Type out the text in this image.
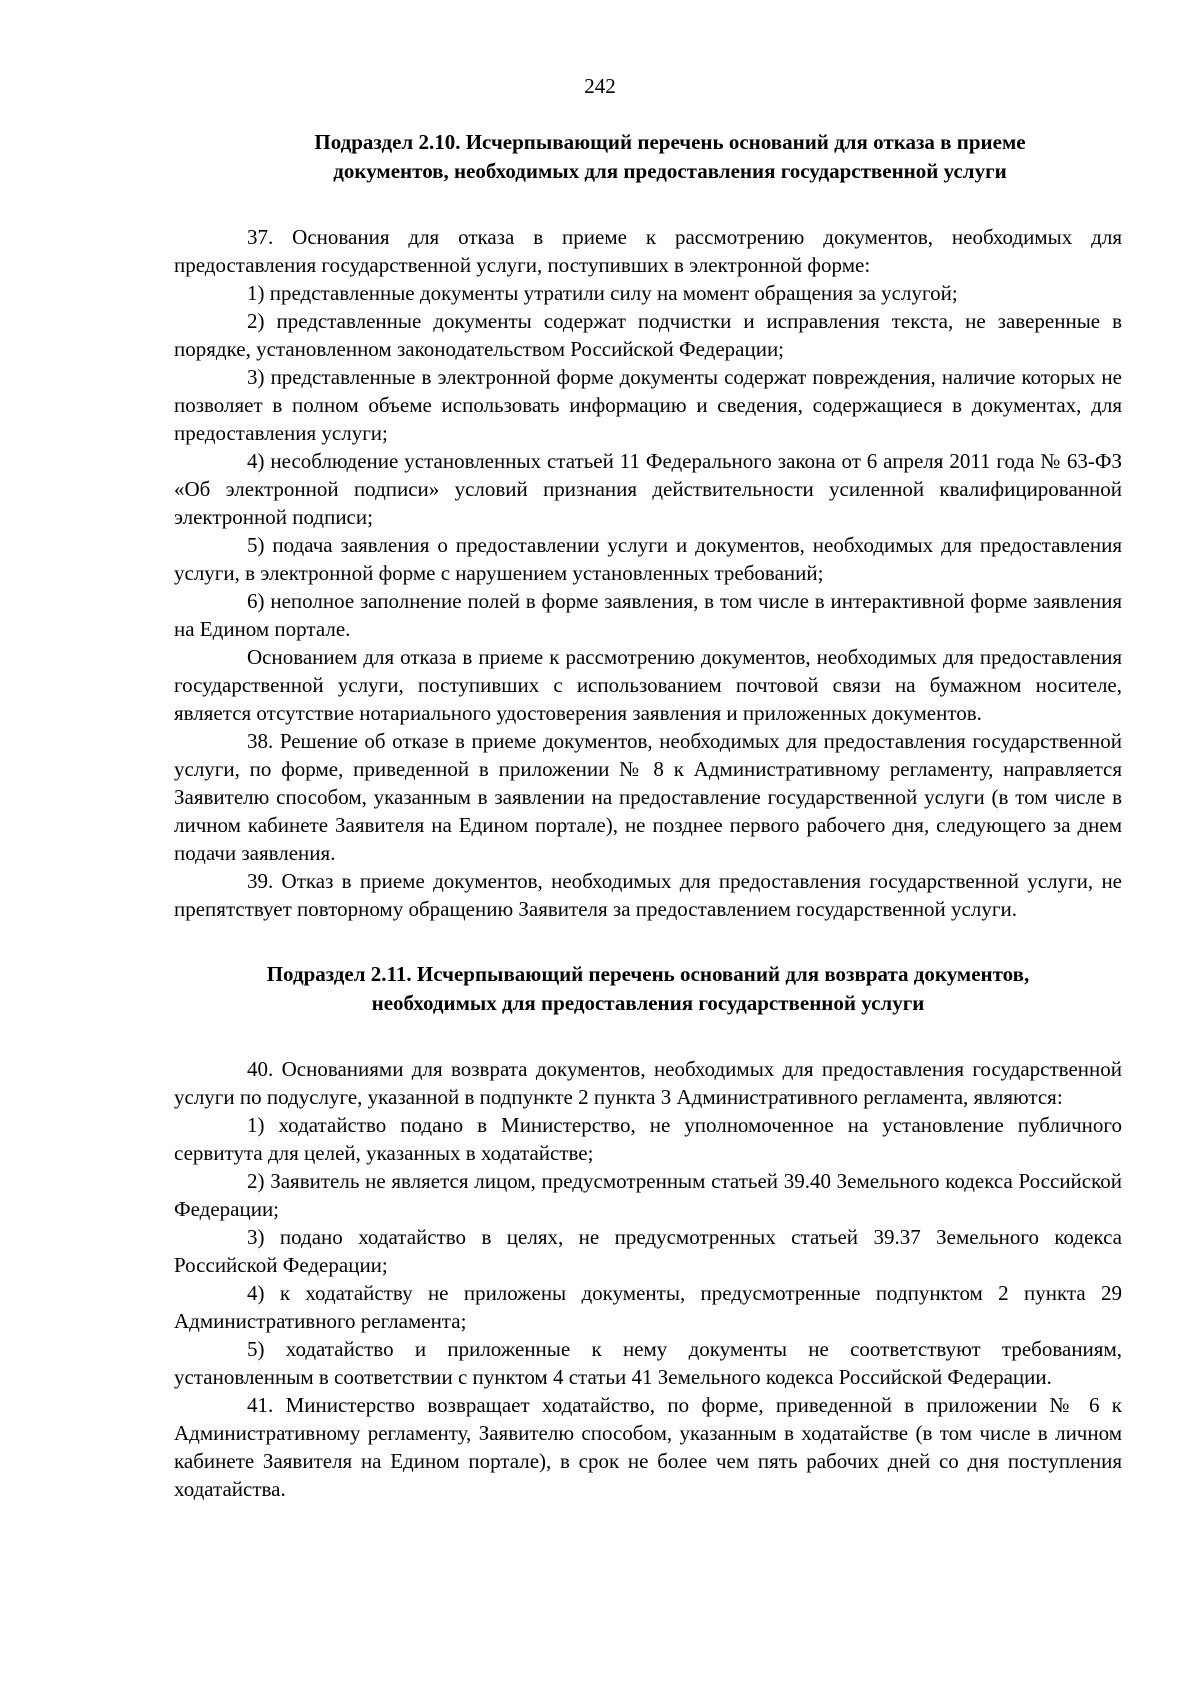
242
Подраздел 2.10. Исчерпывающий перечень оснований для отказа в приеме
документов, необходимых для предоставления государственной услуги

37. Основания для отказа в приеме к рассмотрению документов, необходимых для предоставления государственной услуги, поступивших в электронной форме:

1) представленные документы утратили силу на момент обращения за услугой;

2) представленные документы содержат подчистки и исправления текста, не заверенные в порядке, установленном законодательством Российской Федерации;

3) представленные в электронной форме документы содержат повреждения, наличие которых не позволяет в полном объеме использовать информацию и сведения, содержащиеся в документах, для предоставления услуги;

4) несоблюдение установленных статьей 11 Федерального закона от 6 апреля 2011 года № 63-ФЗ «Об электронной подписи» условий признания действительности усиленной квалифицированной электронной подписи;

5) подача заявления о предоставлении услуги и документов, необходимых для предоставления услуги, в электронной форме с нарушением установленных требований;

6) неполное заполнение полей в форме заявления, в том числе в интерактивной форме заявления на Едином портале.

Основанием для отказа в приеме к рассмотрению документов, необходимых для предоставления государственной услуги, поступивших с использованием почтовой связи на бумажном носителе, является отсутствие нотариального удостоверения заявления и приложенных документов.

38. Решение об отказе в приеме документов, необходимых для предоставления государственной услуги, по форме, приведенной в приложении № 8 к Административному регламенту, направляется Заявителю способом, указанным в заявлении на предоставление государственной услуги (в том числе в личном кабинете Заявителя на Едином портале), не позднее первого рабочего дня, следующего за днем подачи заявления.

39. Отказ в приеме документов, необходимых для предоставления государственной услуги, не препятствует повторному обращению Заявителя за предоставлением государственной услуги.

Подраздел 2.11. Исчерпывающий перечень оснований для возврата документов,
необходимых для предоставления государственной услуги

40. Основаниями для возврата документов, необходимых для предоставления государственной услуги по подуслуге, указанной в подпункте 2 пункта 3 Административного регламента, являются:

1) ходатайство подано в Министерство, не уполномоченное на установление публичного сервитута для целей, указанных в ходатайстве;

2) Заявитель не является лицом, предусмотренным статьей 39.40 Земельного кодекса Российской Федерации;

3) подано ходатайство в целях, не предусмотренных статьей 39.37 Земельного кодекса Российской Федерации;

4) к ходатайству не приложены документы, предусмотренные подпунктом 2 пункта 29 Административного регламента;

5) ходатайство и приложенные к нему документы не соответствуют требованиям, установленным в соответствии с пунктом 4 статьи 41 Земельного кодекса Российской Федерации.

41. Министерство возвращает ходатайство, по форме, приведенной в приложении № 6 к Административному регламенту, Заявителю способом, указанным в ходатайстве (в том числе в личном кабинете Заявителя на Едином портале), в срок не более чем пять рабочих дней со дня поступления ходатайства.
